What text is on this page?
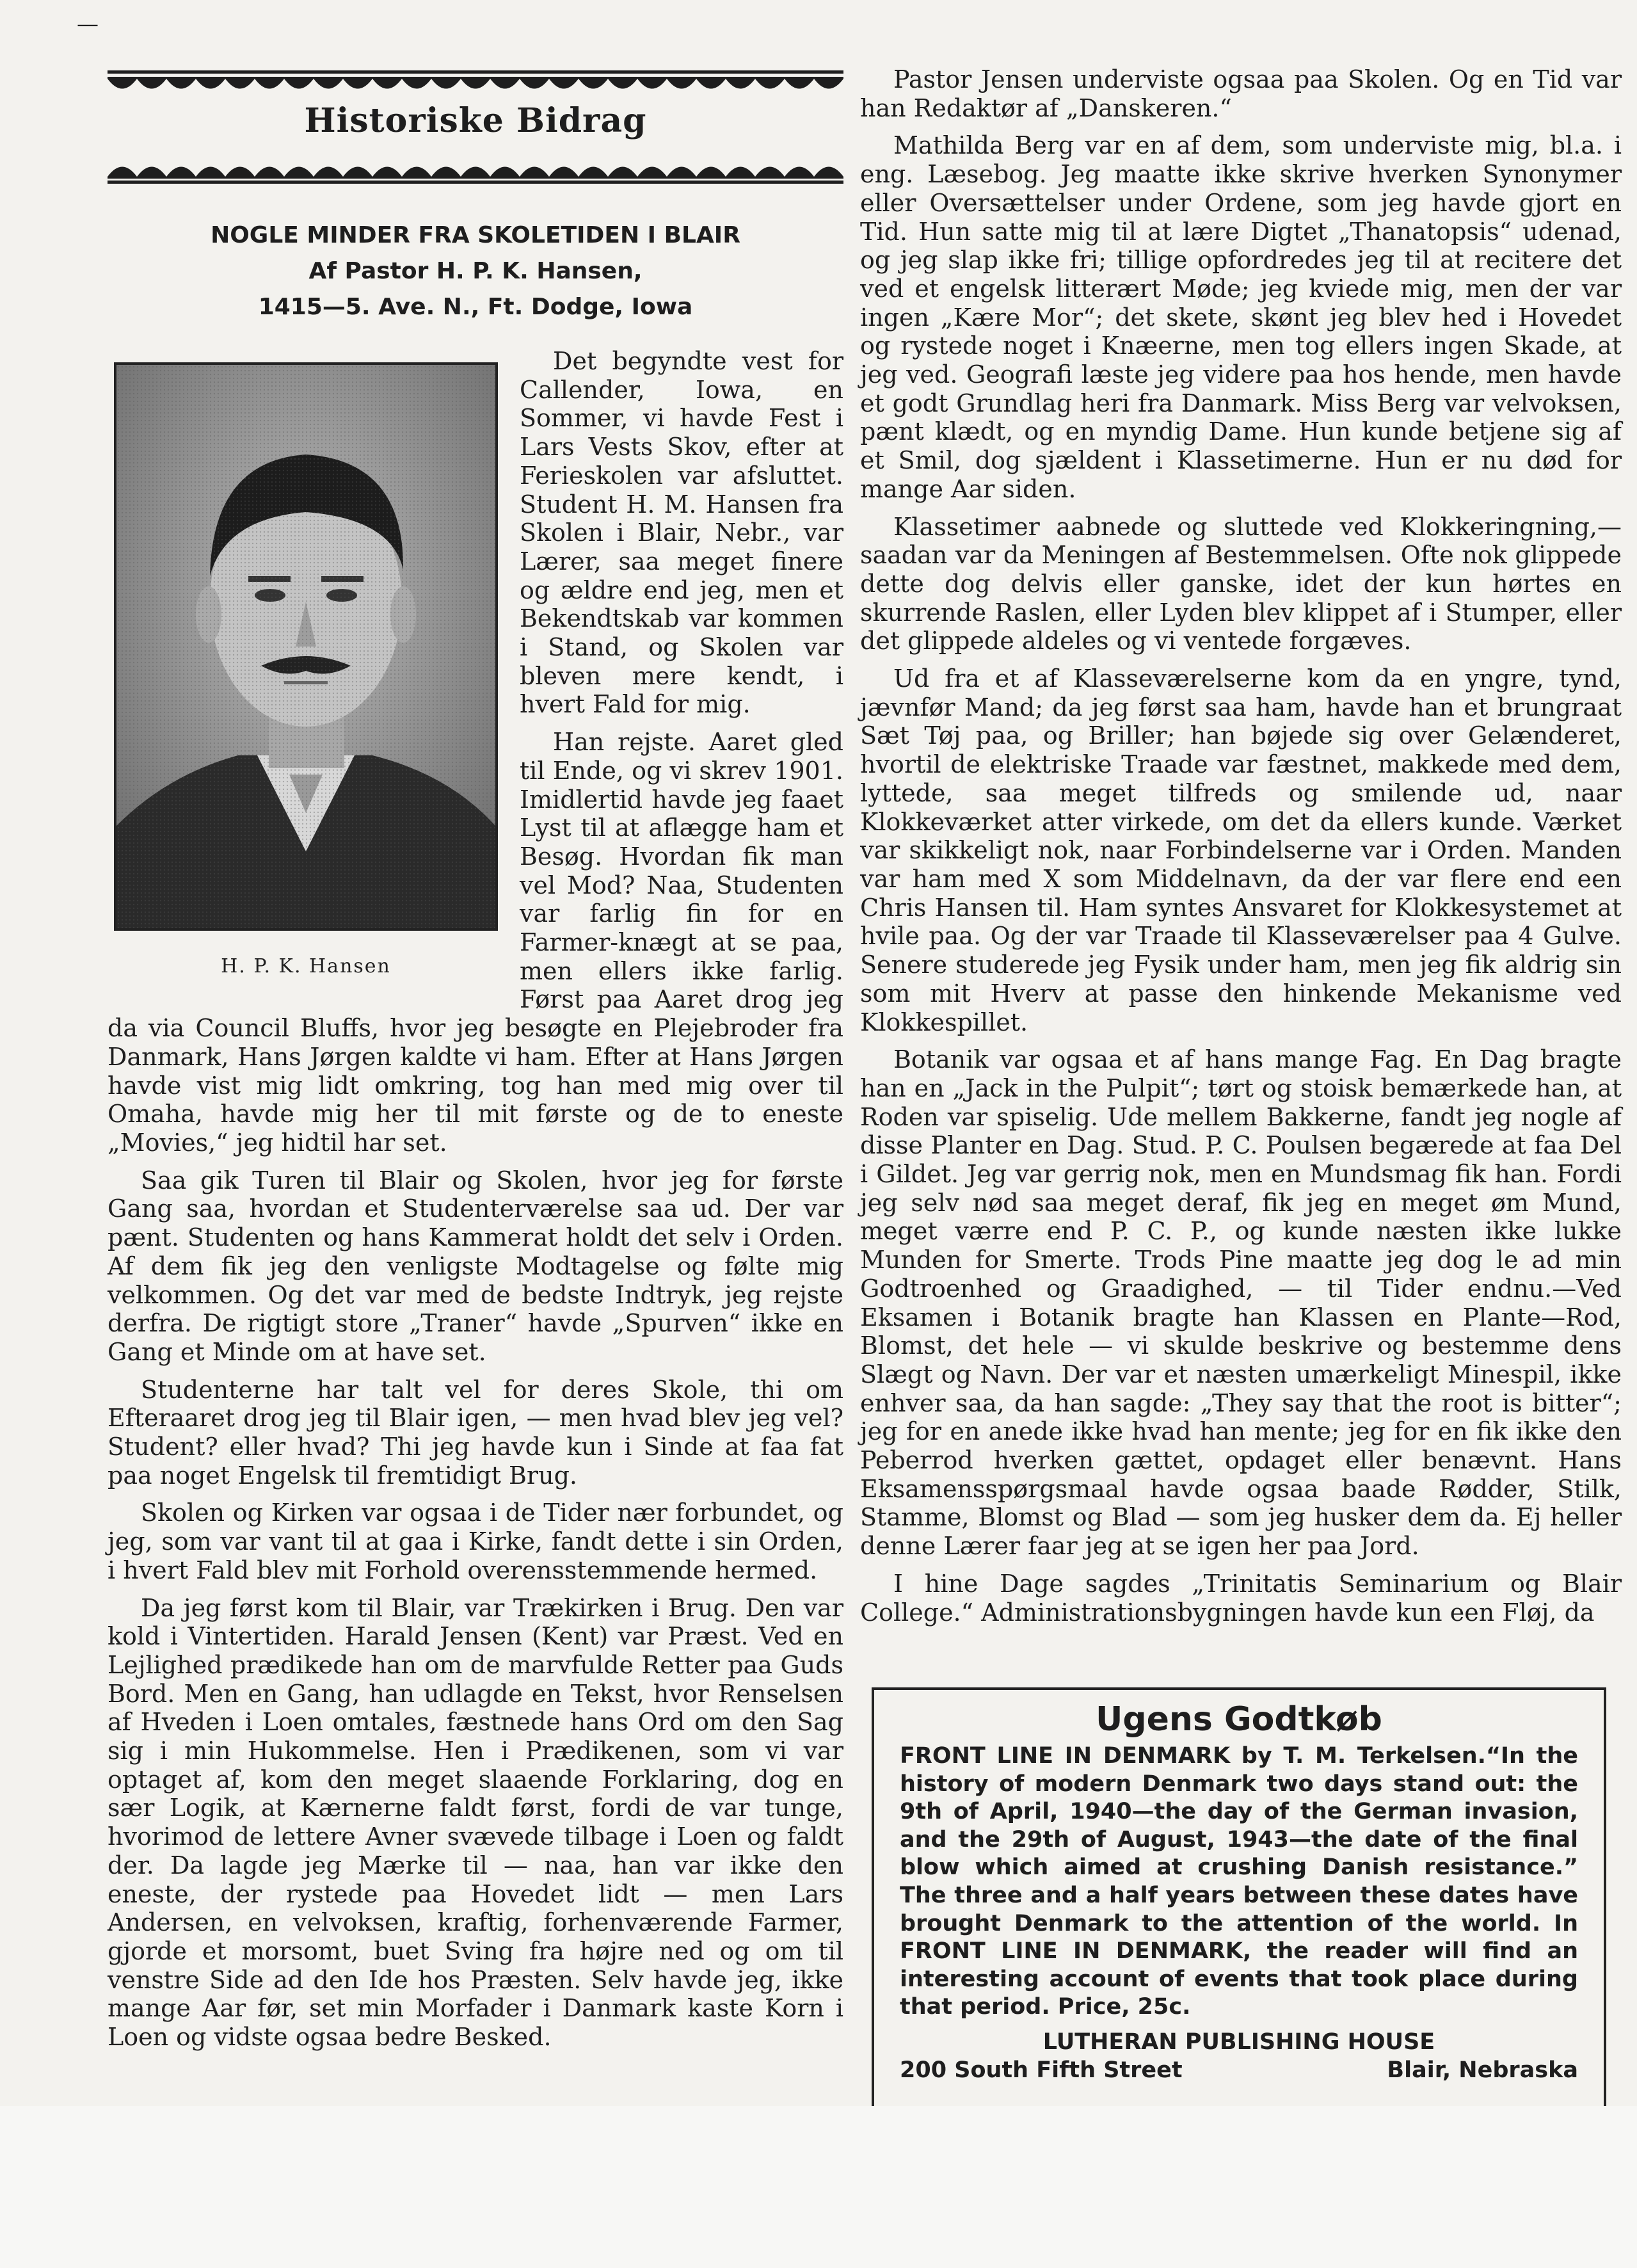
—
Historiske Bidrag
NOGLE MINDER FRA SKOLETIDEN I BLAIR
Af Pastor H. P. K. Hansen,
1415—5. Ave. N., Ft. Dodge, Iowa
H. P. K. Hansen

Det begyndte vest for Callender, Iowa, en Sommer, vi havde Fest i Lars Vests Skov, efter at Ferieskolen var afsluttet. Student H. M. Hansen fra Skolen i Blair, Nebr., var Lærer, saa meget finere og ældre end jeg, men et Bekendtskab var kommen i Stand, og Skolen var bleven mere kendt, i hvert Fald for mig.

Han rejste. Aaret gled til Ende, og vi skrev 1901. Imidlertid havde jeg faaet Lyst til at aflægge ham et Besøg. Hvordan fik man vel Mod? Naa, Studenten var farlig fin for en Farmer-knægt at se paa, men ellers ikke farlig. Først paa Aaret drog jeg da via Council Bluffs, hvor jeg besøgte en Plejebroder fra Danmark, Hans Jørgen kaldte vi ham. Efter at Hans Jørgen havde vist mig lidt omkring, tog han med mig over til Omaha, havde mig her til mit første og de to eneste „Movies,“ jeg hidtil har set.

Saa gik Turen til Blair og Skolen, hvor jeg for første Gang saa, hvordan et Studenterværelse saa ud. Der var pænt. Studenten og hans Kammerat holdt det selv i Orden. Af dem fik jeg den venligste Modtagelse og følte mig velkommen. Og det var med de bedste Indtryk, jeg rejste derfra. De rigtigt store „Traner“ havde „Spurven“ ikke en Gang et Minde om at have set.

Studenterne har talt vel for deres Skole, thi om Efteraaret drog jeg til Blair igen, — men hvad blev jeg vel? Student? eller hvad? Thi jeg havde kun i Sinde at faa fat paa noget Engelsk til fremtidigt Brug.

Skolen og Kirken var ogsaa i de Tider nær forbundet, og jeg, som var vant til at gaa i Kirke, fandt dette i sin Orden, i hvert Fald blev mit Forhold overensstemmende hermed.

Da jeg først kom til Blair, var Trækirken i Brug. Den var kold i Vintertiden. Harald Jensen (Kent) var Præst. Ved en Lejlighed prædikede han om de marvfulde Retter paa Guds Bord. Men en Gang, han udlagde en Tekst, hvor Renselsen af Hveden i Loen omtales, fæstnede hans Ord om den Sag sig i min Hukommelse. Hen i Prædikenen, som vi var optaget af, kom den meget slaaende Forklaring, dog en sær Logik, at Kærnerne faldt først, fordi de var tunge, hvorimod de lettere Avner svævede tilbage i Loen og faldt der. Da lagde jeg Mærke til — naa, han var ikke den eneste, der rystede paa Hovedet lidt — men Lars Andersen, en velvoksen, kraftig, forhenværende Farmer, gjorde et morsomt, buet Sving fra højre ned og om til venstre Side ad den Ide hos Præsten. Selv havde jeg, ikke mange Aar før, set min Morfader i Danmark kaste Korn i Loen og vidste ogsaa bedre Besked.

Pastor Jensen underviste ogsaa paa Skolen. Og en Tid var han Redaktør af „Danskeren.“

Mathilda Berg var en af dem, som underviste mig, bl.a. i eng. Læsebog. Jeg maatte ikke skrive hverken Synonymer eller Oversættelser under Ordene, som jeg havde gjort en Tid. Hun satte mig til at lære Digtet „Thanatopsis“ udenad, og jeg slap ikke fri; tillige opfordredes jeg til at recitere det ved et engelsk litterært Møde; jeg kviede mig, men der var ingen „Kære Mor“; det skete, skønt jeg blev hed i Hovedet og rystede noget i Knæerne, men tog ellers ingen Skade, at jeg ved. Geografi læste jeg videre paa hos hende, men havde et godt Grundlag heri fra Danmark. Miss Berg var velvoksen, pænt klædt, og en myndig Dame. Hun kunde betjene sig af et Smil, dog sjældent i Klassetimerne. Hun er nu død for mange Aar siden.

Klassetimer aabnede og sluttede ved Klokkeringning,— saadan var da Meningen af Bestemmelsen. Ofte nok glippede dette dog delvis eller ganske, idet der kun hørtes en skurrende Raslen, eller Lyden blev klippet af i Stumper, eller det glippede aldeles og vi ventede forgæves.

Ud fra et af Klasseværelserne kom da en yngre, tynd, jævnfør Mand; da jeg først saa ham, havde han et brungraat Sæt Tøj paa, og Briller; han bøjede sig over Gelænderet, hvortil de elektriske Traade var fæstnet, makkede med dem, lyttede, saa meget tilfreds og smilende ud, naar Klokkeværket atter virkede, om det da ellers kunde. Værket var skikkeligt nok, naar Forbindelserne var i Orden. Manden var ham med X som Middelnavn, da der var flere end een Chris Hansen til. Ham syntes Ansvaret for Klokkesystemet at hvile paa. Og der var Traade til Klasseværelser paa 4 Gulve. Senere studerede jeg Fysik under ham, men jeg fik aldrig sin som mit Hverv at passe den hinkende Mekanisme ved Klokkespillet.

Botanik var ogsaa et af hans mange Fag. En Dag bragte han en „Jack in the Pulpit“; tørt og stoisk bemærkede han, at Roden var spiselig. Ude mellem Bakkerne, fandt jeg nogle af disse Planter en Dag. Stud. P. C. Poulsen begærede at faa Del i Gildet. Jeg var gerrig nok, men en Mundsmag fik han. Fordi jeg selv nød saa meget deraf, fik jeg en meget øm Mund, meget værre end P. C. P., og kunde næsten ikke lukke Munden for Smerte. Trods Pine maatte jeg dog le ad min Godtroenhed og Graadighed, — til Tider endnu.—Ved Eksamen i Botanik bragte han Klassen en Plante—Rod, Blomst, det hele — vi skulde beskrive og bestemme dens Slægt og Navn. Der var et næsten umærkeligt Minespil, ikke enhver saa, da han sagde: „They say that the root is bitter“; jeg for en anede ikke hvad han mente; jeg for en fik ikke den Peberrod hverken gættet, opdaget eller benævnt. Hans Eksamensspørgsmaal havde ogsaa baade Rødder, Stilk, Stamme, Blomst og Blad — som jeg husker dem da. Ej heller denne Lærer faar jeg at se igen her paa Jord.

I hine Dage sagdes „Trinitatis Seminarium og Blair College.“ Administrationsbygningen havde kun een Fløj, da

Ugens Godtkøb
FRONT LINE IN DENMARK by T. M. Terkelsen.“In the history of modern Denmark two days stand out: the 9th of April, 1940—the day of the German invasion, and the 29th of August, 1943—the date of the final blow which aimed at crushing Danish resistance.” The three and a half years between these dates have brought Denmark to the attention of the world. In FRONT LINE IN DENMARK, the reader will find an interesting account of events that took place during that period. Price, 25c.
LUTHERAN PUBLISHING HOUSE
200 South Fifth Street	Blair, Nebraska
